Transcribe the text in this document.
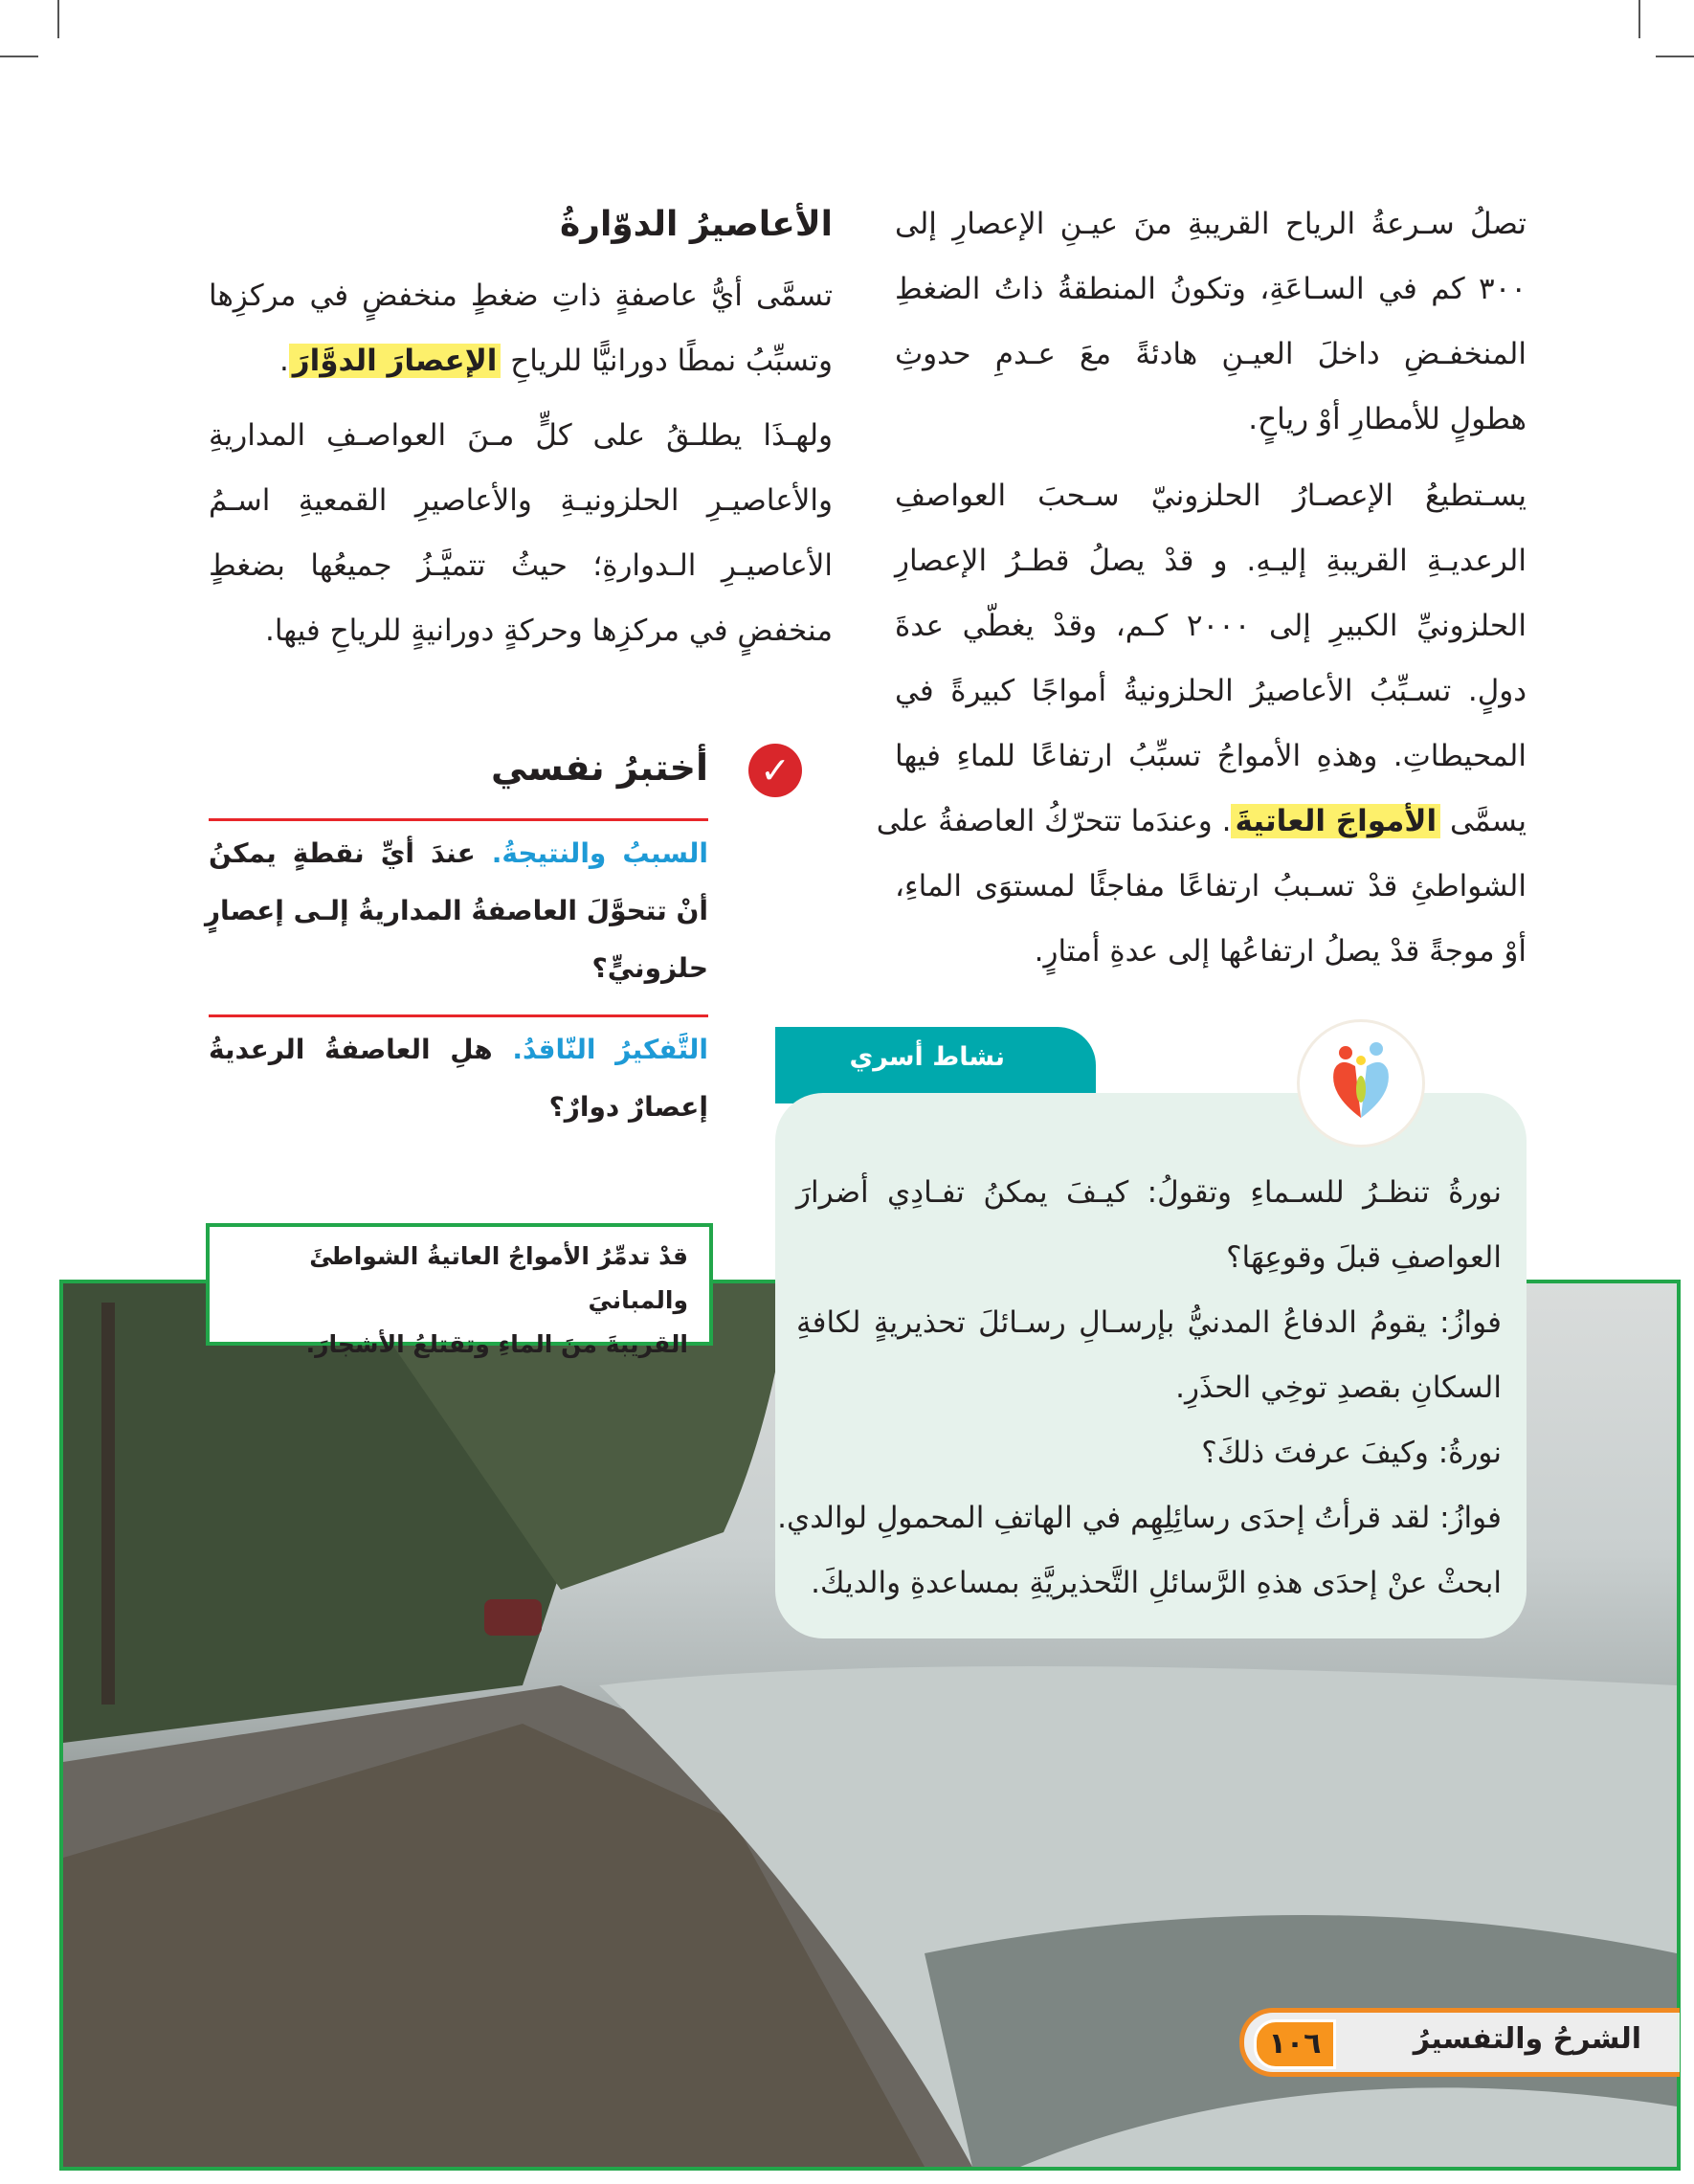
تصلُ سـرعةُ الرياح القريبةِ منَ عيـنِ الإعصارِ إلى
٣٠٠ كم في السـاعَةِ، وتكونُ المنطقةُ ذاتُ الضغطِ
المنخفـضِ داخلَ العيـنِ هادئةً معَ عـدمِ حدوثِ
هطولٍ للأمطارِ أوْ رياحٍ.
يسـتطيعُ الإعصـارُ الحلزونيّ سـحبَ العواصفِ
الرعديـةِ القريبةِ إليـهِ. و قدْ يصلُ قطـرُ الإعصارِ
الحلزونيِّ الكبيرِ إلى ٢٠٠٠ كـم، وقدْ يغطّي عدةَ
دولٍ. تسـبِّبُ الأعاصيرُ الحلزونيةُ أمواجًا كبيرةً في
المحيطاتِ. وهذهِ الأمواجُ تسبِّبُ ارتفاعًا للماءِ فيها
يسمَّى الأمواجَ العاتيةَ. وعندَما تتحرّكُ العاصفةُ على
الشواطئِ قدْ تسـببُ ارتفاعًا مفاجئًا لمستوَى الماءِ،
أوْ موجةً قدْ يصلُ ارتفاعُها إلى عدةِ أمتارٍ.
الأعاصيرُ الدوّارةُ
تسمَّى أيُّ عاصفةٍ ذاتِ ضغطٍ منخفضٍ في مركزِها
وتسبِّبُ نمطًا دورانيًّا للرياحِ الإعصارَ الدوَّارَ.
ولهـذَا يطلـقُ على كلٍّ مـنَ العواصـفِ المداريةِ
والأعاصيـرِ الحلزونيـةِ والأعاصيرِ القمعيةِ اسـمُ
الأعاصيـرِ الـدوارةِ؛ حيثُ تتميَّـزُ جميعُها بضغطٍ
منخفضٍ في مركزِها وحركةٍ دورانيةٍ للرياحِ فيها.
✓
أختبرُ نفسي
السببُ والنتيجةُ. عندَ أيِّ نقطةٍ يمكنُ
أنْ تتحوَّلَ العاصفةُ المداريةُ إلـى إعصارٍ
حلزونيٍّ؟
التَّفكيرُ النّاقدُ. هلِ العاصفةُ الرعديةُ
إعصارٌ دوارٌ؟
قدْ تدمِّرُ الأمواجُ العاتيةُ الشواطئَ والمبانيَ
القريبةَ منَ الماءِ وتقتلعُ الأشجارَ.
نشاط أسري
نورةُ تنظـرُ للسـماءِ وتقولُ: كيـفَ يمكنُ تفـادِي أضرارَ
العواصفِ قبلَ وقوعِهَا؟
فوازُ: يقومُ الدفاعُ المدنيُّ بإرسـالِ رسـائلَ تحذيريةٍ لكافةِ
السكانِ بقصدِ توخِي الحذَرِ.
نورةُ: وكيفَ عرفتَ ذلكَ؟
فوازُ: لقد قرأتُ إحدَى رسائِلِهِم في الهاتفِ المحمولِ لوالدي.
ابحثْ عنْ إحدَى هذهِ الرَّسائلِ التَّحذيريَّةِ بمساعدةِ والديكَ.
١٠٦	الشرحُ والتفسيرُ
